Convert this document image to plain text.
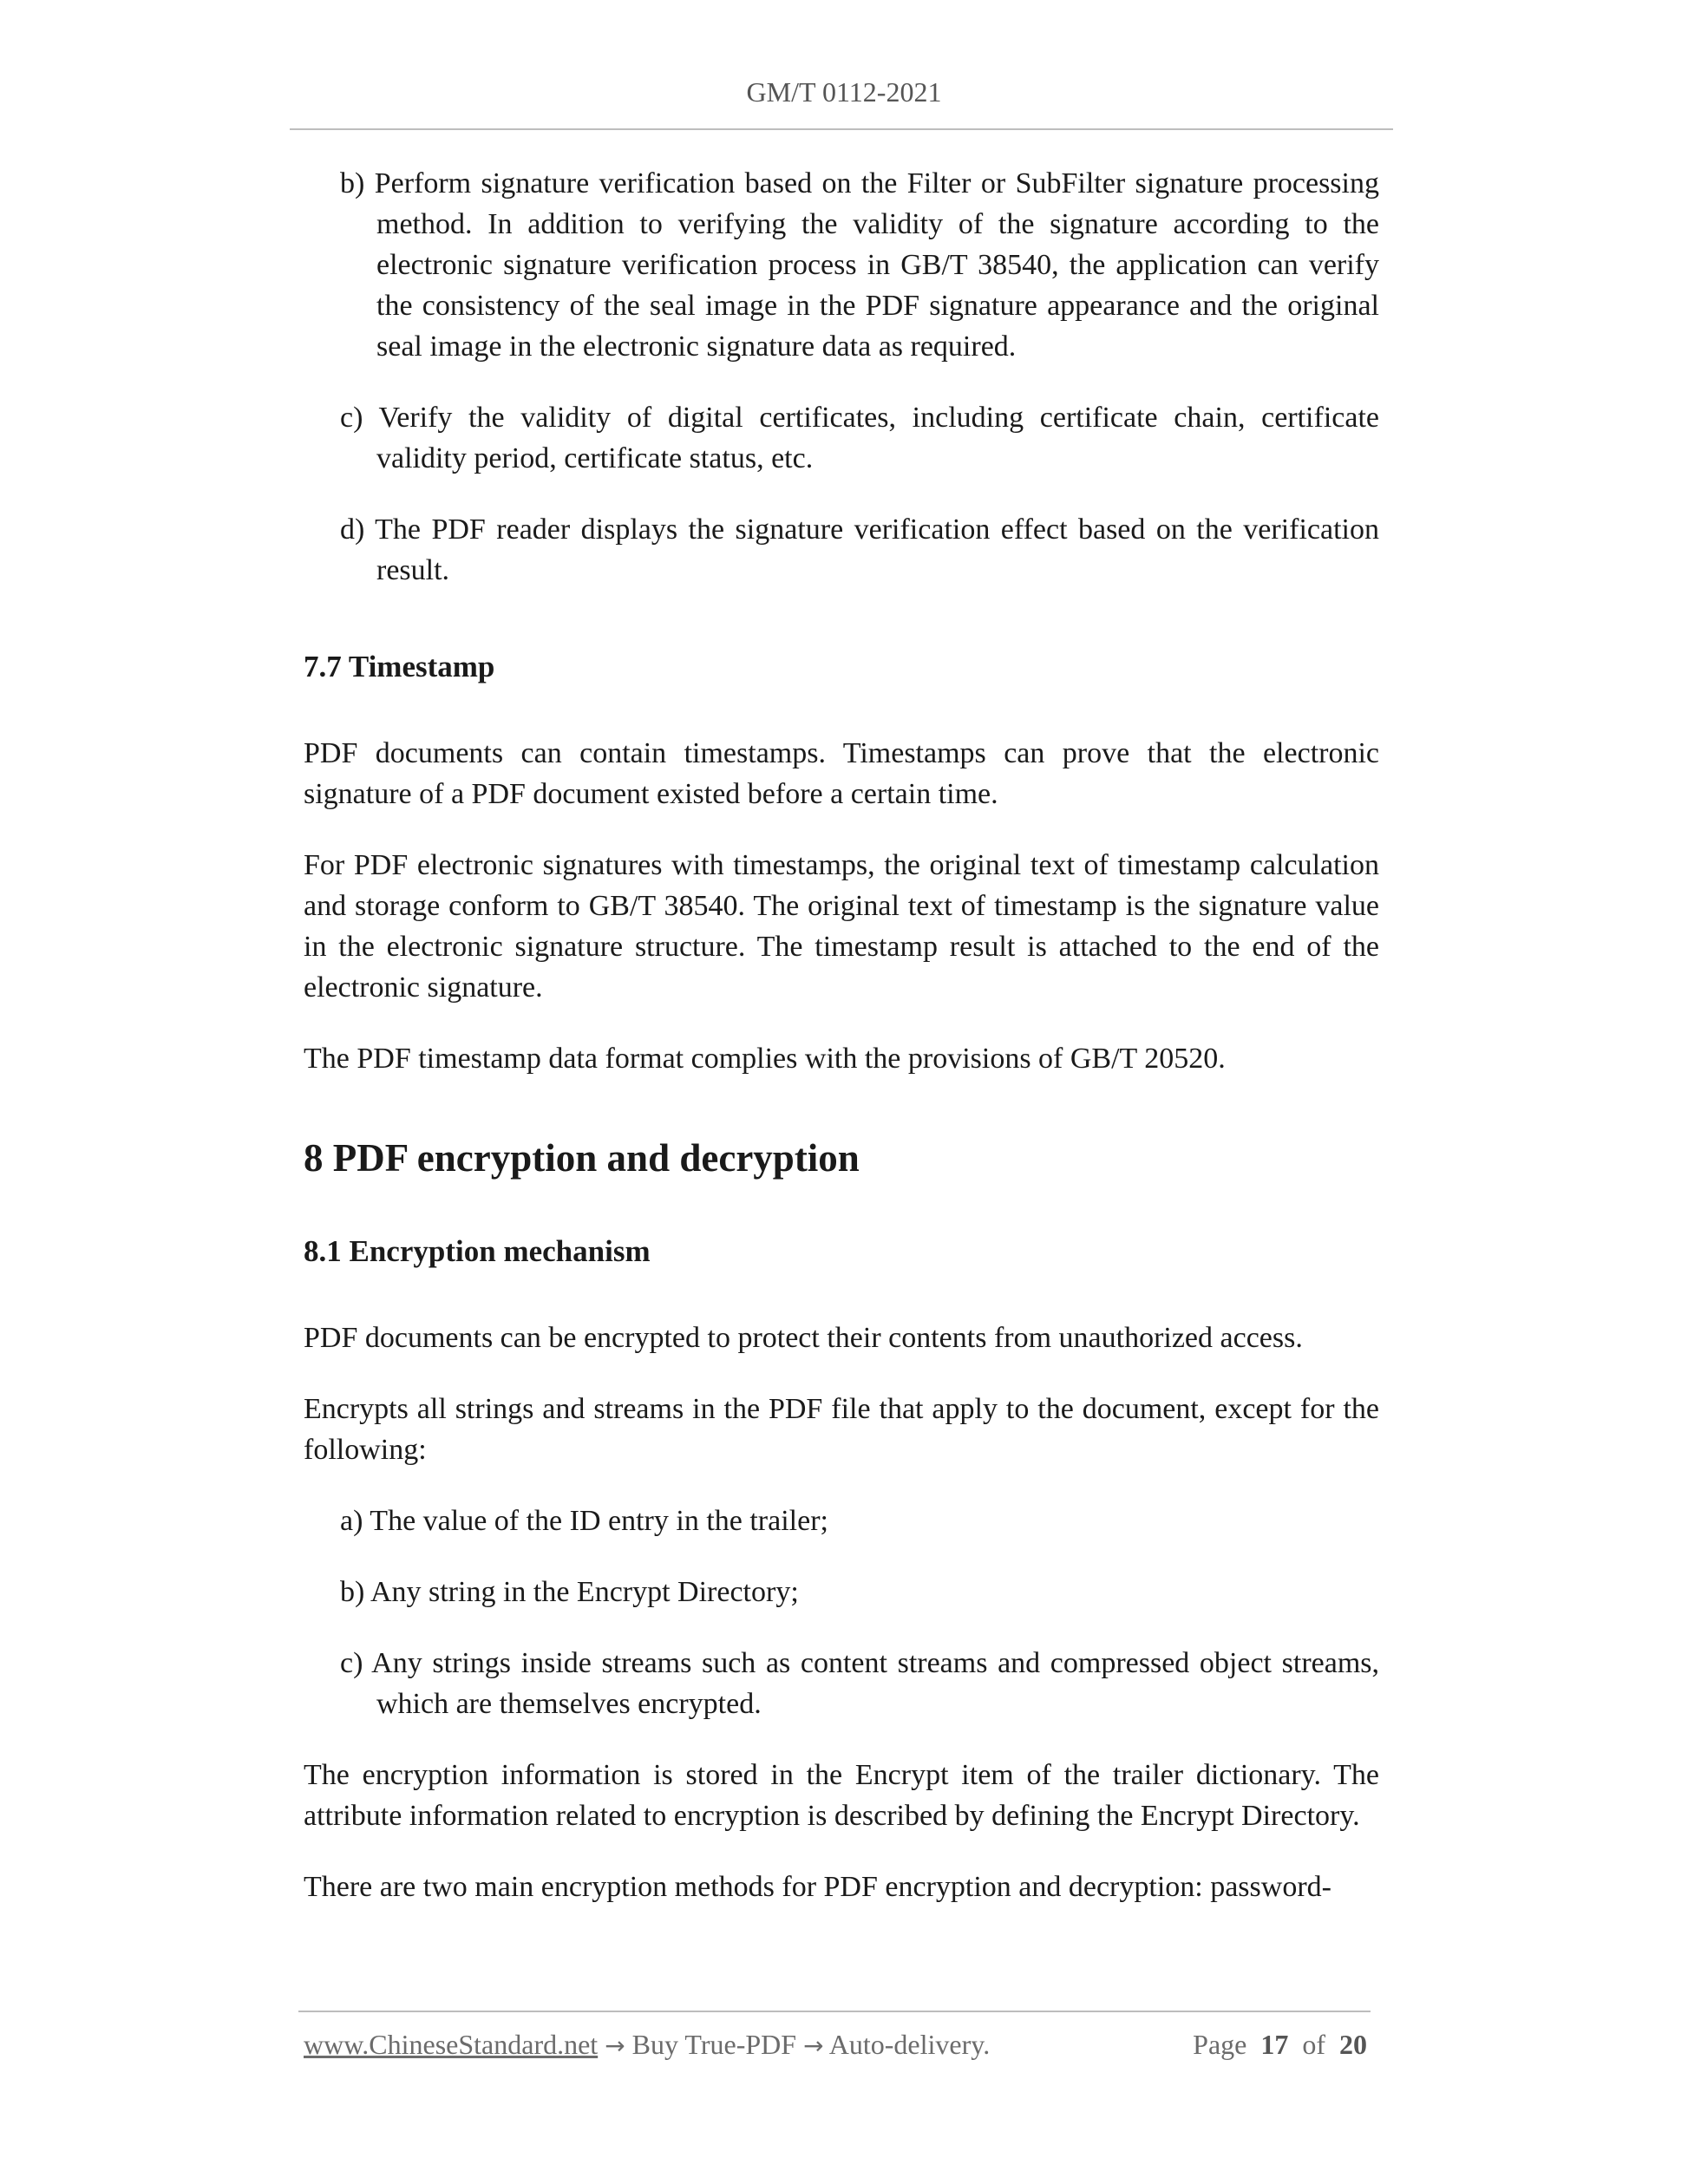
GM/T 0112-2021
b) Perform signature verification based on the Filter or SubFilter signature processing method. In addition to verifying the validity of the signature according to the electronic signature verification process in GB/T 38540, the application can verify the consistency of the seal image in the PDF signature appearance and the original seal image in the electronic signature data as required.
c) Verify the validity of digital certificates, including certificate chain, certificate validity period, certificate status, etc.
d) The PDF reader displays the signature verification effect based on the verification result.
7.7 Timestamp
PDF documents can contain timestamps. Timestamps can prove that the electronic signature of a PDF document existed before a certain time.
For PDF electronic signatures with timestamps, the original text of timestamp calculation and storage conform to GB/T 38540. The original text of timestamp is the signature value in the electronic signature structure. The timestamp result is attached to the end of the electronic signature.
The PDF timestamp data format complies with the provisions of GB/T 20520.
8 PDF encryption and decryption
8.1 Encryption mechanism
PDF documents can be encrypted to protect their contents from unauthorized access.
Encrypts all strings and streams in the PDF file that apply to the document, except for the following:
a) The value of the ID entry in the trailer;
b) Any string in the Encrypt Directory;
c) Any strings inside streams such as content streams and compressed object streams, which are themselves encrypted.
The encryption information is stored in the Encrypt item of the trailer dictionary. The attribute information related to encryption is described by defining the Encrypt Directory.
There are two main encryption methods for PDF encryption and decryption: password-
www.ChineseStandard.net → Buy True-PDF → Auto-delivery.	Page 17 of 20
